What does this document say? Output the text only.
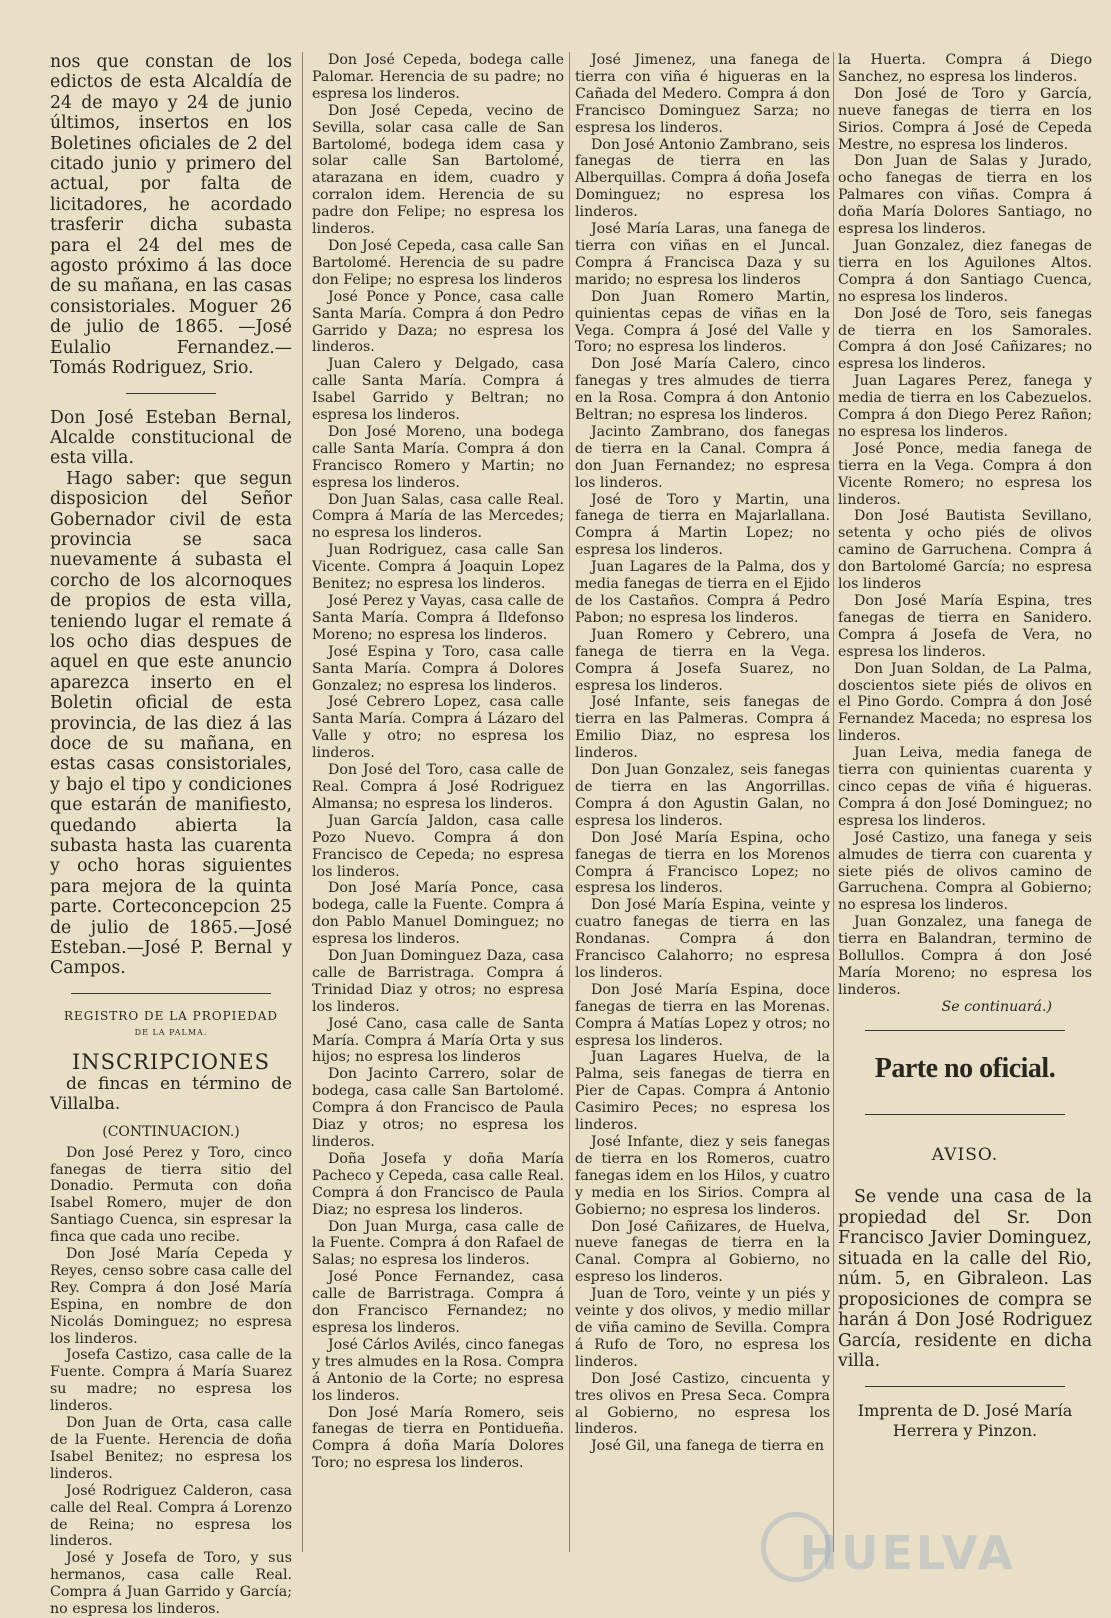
nos que constan de los edictos de esta Alcaldía de 24 de mayo y 24 de junio últimos, insertos en los Boletines oficiales de 2 del citado junio y primero del actual, por falta de licitadores, he acordado trasferir dicha subasta para el 24 del mes de agosto próximo á las doce de su mañana, en las casas consistoriales. Moguer 26 de julio de 1865. —José Eulalio Fernandez.— Tomás Rodriguez, Srio.

Don José Esteban Bernal, Alcalde constitucional de esta villa.

Hago saber: que segun disposicion del Señor Gobernador civil de esta provincia se saca nuevamente á subasta el corcho de los alcornoques de propios de esta villa, teniendo lugar el remate á los ocho dias despues de aquel en que este anuncio aparezca inserto en el Boletin oficial de esta provincia, de las diez á las doce de su mañana, en estas casas consistoriales, y bajo el tipo y condiciones que estarán de manifiesto, quedando abierta la subasta hasta las cuarenta y ocho horas siguientes para mejora de la quinta parte. Corteconcepcion 25 de julio de 1865.—José Esteban.—José P. Bernal y Campos.

REGISTRO DE LA PROPIEDAD
DE LA PALMA.
INSCRIPCIONES

de fincas en término de Villalba.

(CONTINUACION.)

Don José Perez y Toro, cinco fanegas de tierra sitio del Donadio. Permuta con doña Isabel Romero, mujer de don Santiago Cuenca, sin espresar la finca que cada uno recibe.

Don José María Cepeda y Reyes, censo sobre casa calle del Rey. Compra á don José María Espina, en nombre de don Nicolás Dominguez; no espresa los linderos.

Josefa Castizo, casa calle de la Fuente. Compra á María Suarez su madre; no espresa los linderos.

Don Juan de Orta, casa calle de la Fuente. Herencia de doña Isabel Benitez; no espresa los linderos.

José Rodriguez Calderon, casa calle del Real. Compra á Lorenzo de Reina; no espresa los linderos.

José y Josefa de Toro, y sus hermanos, casa calle Real. Compra á Juan Garrido y García; no espresa los linderos.

Don José Cepeda, bodega calle Palomar. Herencia de su padre; no espresa los linderos.

Don José Cepeda, vecino de Sevilla, solar casa calle de San Bartolomé, bodega idem casa y solar calle San Bartolomé, atarazana en idem, cuadro y corralon idem. Herencia de su padre don Felipe; no espresa los linderos.

Don José Cepeda, casa calle San Bartolomé. Herencia de su padre don Felipe; no espresa los linderos

José Ponce y Ponce, casa calle Santa María. Compra á don Pedro Garrido y Daza; no espresa los linderos.

Juan Calero y Delgado, casa calle Santa María. Compra á Isabel Garrido y Beltran; no espresa los linderos.

Don José Moreno, una bodega calle Santa María. Compra á don Francisco Romero y Martin; no espresa los linderos.

Don Juan Salas, casa calle Real. Compra á María de las Mercedes; no espresa los linderos.

Juan Rodriguez, casa calle San Vicente. Compra á Joaquin Lopez Benitez; no espresa los linderos.

José Perez y Vayas, casa calle de Santa María. Compra á Ildefonso Moreno; no espresa los linderos.

José Espina y Toro, casa calle Santa María. Compra á Dolores Gonzalez; no espresa los linderos.

José Cebrero Lopez, casa calle Santa María. Compra á Lázaro del Valle y otro; no espresa los linderos.

Don José del Toro, casa calle de Real. Compra á José Rodriguez Almansa; no espresa los linderos.

Juan García Jaldon, casa calle Pozo Nuevo. Compra á don Francisco de Cepeda; no espresa los linderos.

Don José María Ponce, casa bodega, calle la Fuente. Compra á don Pablo Manuel Dominguez; no espresa los linderos.

Don Juan Dominguez Daza, casa calle de Barristraga. Compra á Trinidad Diaz y otros; no espresa los linderos.

José Cano, casa calle de Santa María. Compra á María Orta y sus hijos; no espresa los linderos

Don Jacinto Carrero, solar de bodega, casa calle San Bartolomé. Compra á don Francisco de Paula Diaz y otros; no espresa los linderos.

Doña Josefa y doña María Pacheco y Cepeda, casa calle Real. Compra á don Francisco de Paula Diaz; no espresa los linderos.

Don Juan Murga, casa calle de la Fuente. Compra á don Rafael de Salas; no espresa los linderos.

José Ponce Fernandez, casa calle de Barristraga. Compra á don Francisco Fernandez; no espresa los linderos.

José Cárlos Avilés, cinco fanegas y tres almudes en la Rosa. Compra á Antonio de la Corte; no espresa los linderos.

Don José María Romero, seis fanegas de tierra en Pontidueña. Compra á doña María Dolores Toro; no espresa los linderos.

José Jimenez, una fanega de tierra con viña é higueras en la Cañada del Medero. Compra á don Francisco Dominguez Sarza; no espresa los linderos.

Don José Antonio Zambrano, seis fanegas de tierra en las Alberquillas. Compra á doña Josefa Dominguez; no espresa los linderos.

José María Laras, una fanega de tierra con viñas en el Juncal. Compra á Francisca Daza y su marido; no espresa los linderos

Don Juan Romero Martin, quinientas cepas de viñas en la Vega. Compra á José del Valle y Toro; no espresa los linderos.

Don José María Calero, cinco fanegas y tres almudes de tierra en la Rosa. Compra á don Antonio Beltran; no espresa los linderos.

Jacinto Zambrano, dos fanegas de tierra en la Canal. Compra á don Juan Fernandez; no espresa los linderos.

José de Toro y Martin, una fanega de tierra en Majarlallana. Compra á Martin Lopez; no espresa los linderos.

Juan Lagares de la Palma, dos y media fanegas de tierra en el Ejido de los Castaños. Compra á Pedro Pabon; no espresa los linderos.

Juan Romero y Cebrero, una fanega de tierra en la Vega. Compra á Josefa Suarez, no espresa los linderos.

José Infante, seis fanegas de tierra en las Palmeras. Compra á Emilio Diaz, no espresa los linderos.

Don Juan Gonzalez, seis fanegas de tierra en las Angorrillas. Compra á don Agustin Galan, no espresa los linderos.

Don José María Espina, ocho fanegas de tierra en los Morenos Compra á Francisco Lopez; no espresa los linderos.

Don José María Espina, veinte y cuatro fanegas de tierra en las Rondanas. Compra á don Francisco Calahorro; no espresa los linderos.

Don José María Espina, doce fanegas de tierra en las Morenas. Compra á Matías Lopez y otros; no espresa los linderos.

Juan Lagares Huelva, de la Palma, seis fanegas de tierra en Pier de Capas. Compra á Antonio Casimiro Peces; no espresa los linderos.

José Infante, diez y seis fanegas de tierra en los Romeros, cuatro fanegas idem en los Hilos, y cuatro y media en los Sirios. Compra al Gobierno; no espresa los linderos.

Don José Cañizares, de Huelva, nueve fanegas de tierra en la Canal. Compra al Gobierno, no espreso los linderos.

Juan de Toro, veinte y un piés y veinte y dos olivos, y medio millar de viña camino de Sevilla. Compra á Rufo de Toro, no espresa los linderos.

Don José Castizo, cincuenta y tres olivos en Presa Seca. Compra al Gobierno, no espresa los linderos.

José Gil, una fanega de tierra en

la Huerta. Compra á Diego Sanchez, no espresa los linderos.

Don José de Toro y García, nueve fanegas de tierra en los Sirios. Compra á José de Cepeda Mestre, no espresa los linderos.

Don Juan de Salas y Jurado, ocho fanegas de tierra en los Palmares con viñas. Compra á doña María Dolores Santiago, no espresa los linderos.

Juan Gonzalez, diez fanegas de tierra en los Aguilones Altos. Compra á don Santiago Cuenca, no espresa los linderos.

Don José de Toro, seis fanegas de tierra en los Samorales. Compra á don José Cañizares; no espresa los linderos.

Juan Lagares Perez, fanega y media de tierra en los Cabezuelos. Compra á don Diego Perez Rañon; no espresa los linderos.

José Ponce, media fanega de tierra en la Vega. Compra á don Vicente Romero; no espresa los linderos.

Don José Bautista Sevillano, setenta y ocho piés de olivos camino de Garruchena. Compra á don Bartolomé García; no espresa los linderos

Don José María Espina, tres fanegas de tierra en Sanidero. Compra á Josefa de Vera, no espresa los linderos.

Don Juan Soldan, de La Palma, doscientos siete piés de olivos en el Pino Gordo. Compra á don José Fernandez Maceda; no espresa los linderos.

Juan Leiva, media fanega de tierra con quinientas cuarenta y cinco cepas de viña é higueras. Compra á don José Dominguez; no espresa los linderos.

José Castizo, una fanega y seis almudes de tierra con cuarenta y siete piés de olivos camino de Garruchena. Compra al Gobierno; no espresa los linderos.

Juan Gonzalez, una fanega de tierra en Balandran, termino de Bollullos. Compra á don José María Moreno; no espresa los linderos.

Se continuará.)
Parte no oficial.
AVISO.

Se vende una casa de la propiedad del Sr. Don Francisco Javier Dominguez, situada en la calle del Rio, núm. 5, en Gibraleon. Las proposiciones de compra se harán á Don José Rodriguez García, residente en dicha villa.

Imprenta de D. José María Herrera y Pinzon.
HUELVA
